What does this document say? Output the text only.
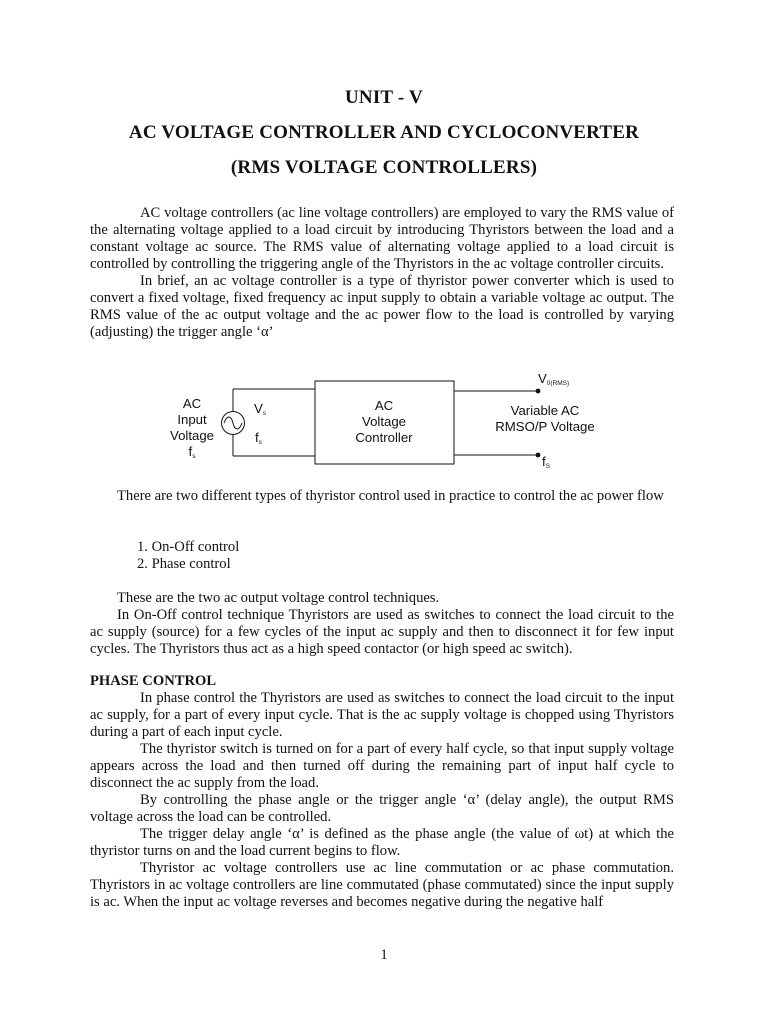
UNIT - V
AC VOLTAGE CONTROLLER AND CYCLOCONVERTER
(RMS VOLTAGE CONTROLLERS)

AC voltage controllers (ac line voltage controllers) are employed to vary the RMS value of the alternating voltage applied to a load circuit by introducing Thyristors between the load and a constant voltage ac source. The RMS value of alternating voltage applied to a load circuit is controlled by controlling the triggering angle of the Thyristors in the ac voltage controller circuits.

In brief, an ac voltage controller is a type of thyristor power converter which is used to convert a fixed voltage, fixed frequency ac input supply to obtain a variable voltage ac output. The RMS value of the ac output voltage and the ac power flow to the load is controlled by varying (adjusting) the trigger angle ‘α’

AC
Input
Voltage
$f_s$
$V_s$
$f_s$
AC
Voltage
Controller
$V_{0(RMS)}$
Variable AC
RMSO/P Voltage
$f_S$

There are two different types of thyristor control used in practice to control the ac power flow

1. On-Off control
2. Phase control

These are the two ac output voltage control techniques.

In On-Off control technique Thyristors are used as switches to connect the load circuit to the ac supply (source) for a few cycles of the input ac supply and then to disconnect it for few input cycles. The Thyristors thus act as a high speed contactor (or high speed ac switch).

PHASE CONTROL

In phase control the Thyristors are used as switches to connect the load circuit to the input ac supply, for a part of every input cycle. That is the ac supply voltage is chopped using Thyristors during a part of each input cycle.

The thyristor switch is turned on for a part of every half cycle, so that input supply voltage appears across the load and then turned off during the remaining part of input half cycle to disconnect the ac supply from the load.

By controlling the phase angle or the trigger angle ‘α’ (delay angle), the output RMS voltage across the load can be controlled.

The trigger delay angle ‘α’ is defined as the phase angle (the value of ωt) at which the thyristor turns on and the load current begins to flow.

Thyristor ac voltage controllers use ac line commutation or ac phase commutation. Thyristors in ac voltage controllers are line commutated (phase commutated) since the input supply is ac. When the input ac voltage reverses and becomes negative during the negative half

1
